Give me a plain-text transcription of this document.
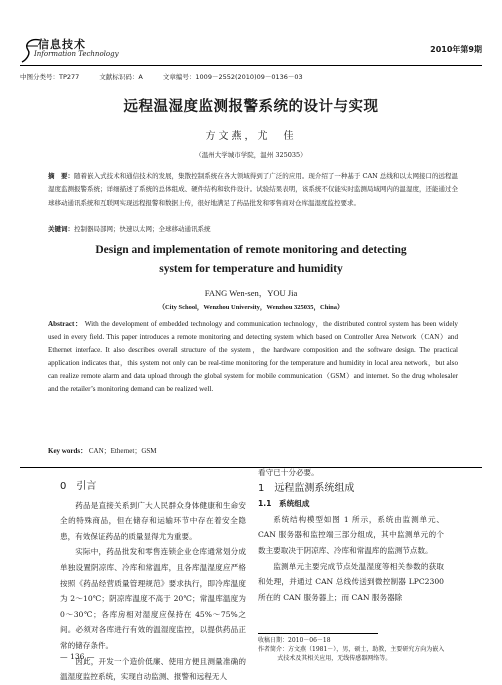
信息技术
Information Technology	2010年第9期
中图分类号：TP277	文献标识码：A	文章编号：1009－2552(2010)09－0136－03
远程温湿度监测报警系统的设计与实现
方文燕，尤　佳
（温州大学城市学院，温州 325035）
摘　要：随着嵌入式技术和通信技术的发展，集散控制系统在各大领域得到了广泛的应用。现介绍了一种基于 CAN 总线和以太网接口的远程温湿度监测报警系统；详细描述了系统的总体组成、硬件结构和软件设计。试验结果表明，该系统不仅能实时监测局域网内的温湿度，还能通过全球移动通讯系统和互联网实现远程报警和数据上传，很好地满足了药品批发和零售商对仓库温湿度监控要求。
关键词：控制器局部网；快速以太网；全球移动通讯系统
Design and implementation of remote monitoring and detecting
system for temperature and humidity
FANG Wen-sen，YOU Jia
（City School，Wenzhou University，Wenzhou 325035，China）
Abstract： With the development of embedded technology and communication technology，the distributed control system has been widely used in every field. This paper introduces a remote monitoring and detecting system which based on Controller Area Network（CAN）and Ethernet interface. It also describes overall structure of the system，the hardware composition and the software design. The practical application indicates that，this system not only can be real-time monitoring for the temperature and humidity in local area network，but also can realize remote alarm and data upload through the global system for mobile communication（GSM）and internet. So the drug wholesaler and the retailer’s monitoring demand can be realized well.
Key words： CAN；Ethernet；GSM
0　引言

药品是直接关系到广大人民群众身体健康和生命安全的特殊商品，但在储存和运输环节中存在着安全隐患，有效保证药品的质量显得尤为重要。

实际中，药品批发和零售连锁企业仓库通常划分成单独设置阴凉库、冷库和常温库，且各库温湿度应严格按照《药品经营质量管理规范》要求执行，即冷库温度为 2～10℃；阴凉库温度不高于 20℃；常温库温度为 0～30℃；各库房相对湿度应保持在 45%～75%之间。必须对各库进行有效的温湿度监控，以提供药品正常的储存条件。

因此，开发一个造价低廉、使用方便且测量准确的温湿度监控系统，实现自动监测、报警和远程无人

看守已十分必要。

1　远程监测系统组成
1.1　系统组成

系统结构模型如图 1 所示，系统由监测单元、CAN 服务器和监控端三部分组成，其中监测单元的个数主要取决于阴凉库、冷库和常温库的监测节点数。

监测单元主要完成节点处温湿度等相关参数的获取和处理，并通过 CAN 总线传送到微控制器 LPC2300 所在的 CAN 服务器上；而 CAN 服务器除

收稿日期：2010－06－18
作者简介：方文燕（1981－），男，硕士，助教，主要研究方向为嵌入
式技术及其相关应用，无线传感器网络等。
— 136 —
